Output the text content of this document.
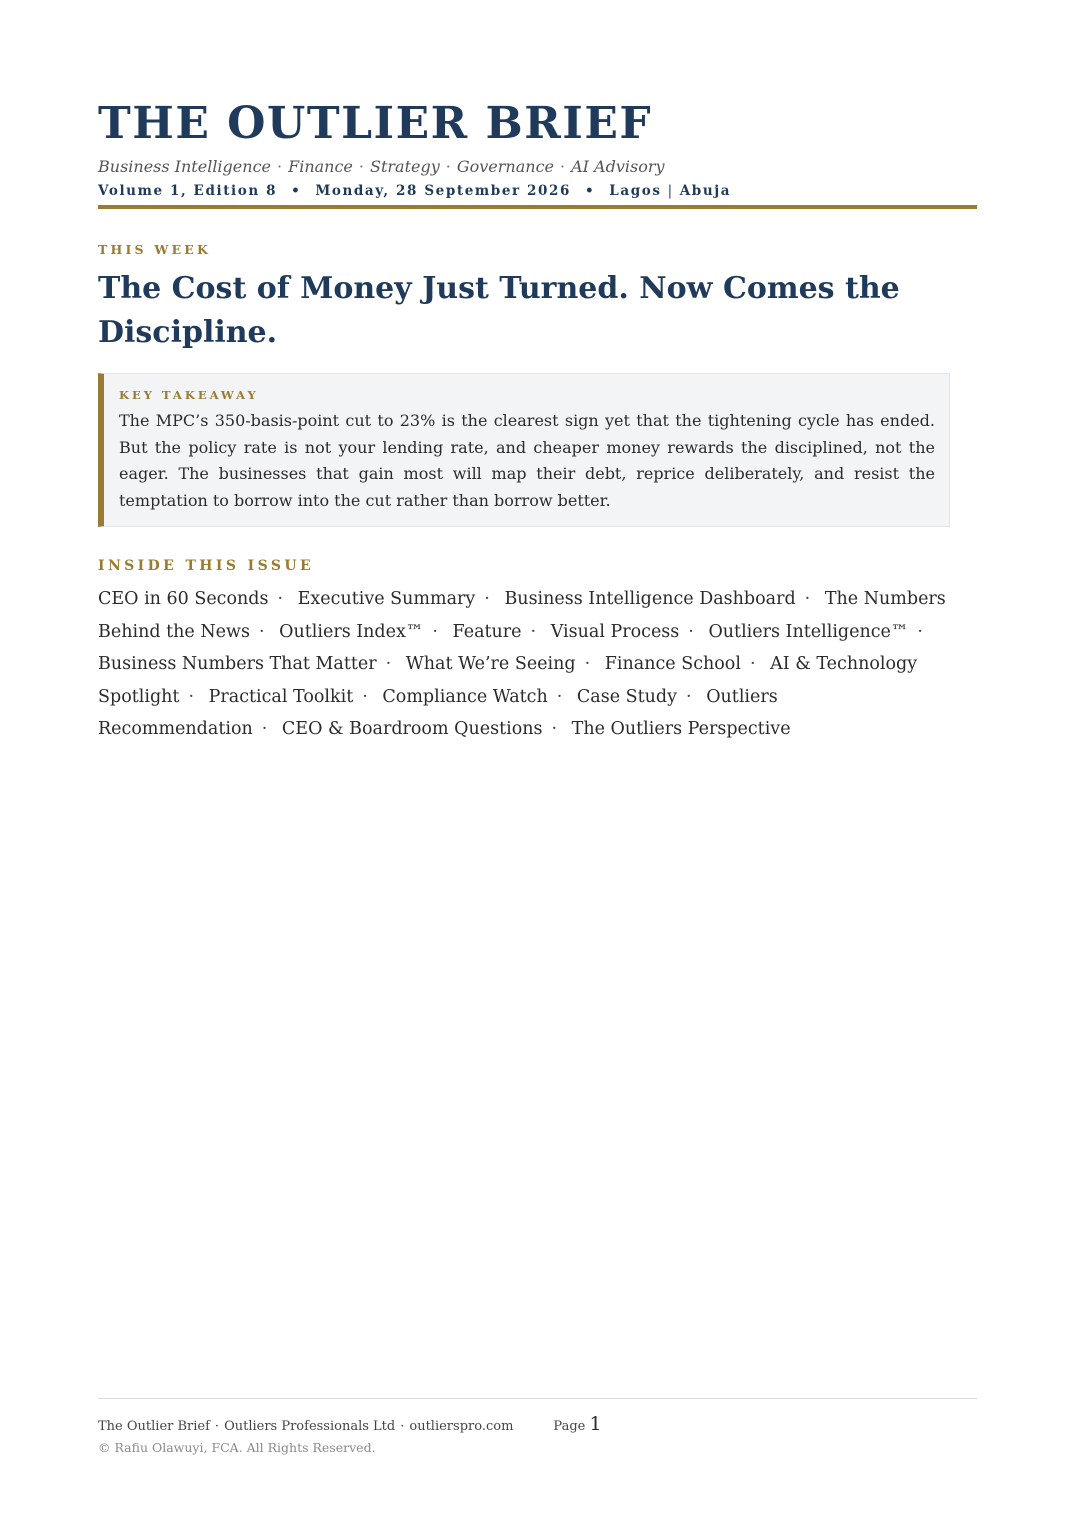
THE OUTLIER BRIEF
Business Intelligence · Finance · Strategy · Governance · AI Advisory
Volume 1, Edition 8 • Monday, 28 September 2026 • Lagos | Abuja
THIS WEEK
The Cost of Money Just Turned. Now Comes the Discipline.
KEY TAKEAWAY
The MPC’s 350-basis-point cut to 23% is the clearest sign yet that the tightening cycle has ended. But the policy rate is not your lending rate, and cheaper money rewards the disciplined, not the eager. The businesses that gain most will map their debt, reprice deliberately, and resist the temptation to borrow into the cut rather than borrow better.
INSIDE THIS ISSUE
CEO in 60 Seconds · Executive Summary · Business Intelligence Dashboard · The Numbers Behind the News · Outliers Index™ · Feature · Visual Process · Outliers Intelligence™ · Business Numbers That Matter · What We’re Seeing · Finance School · AI & Technology Spotlight · Practical Toolkit · Compliance Watch · Case Study · Outliers Recommendation · CEO & Boardroom Questions · The Outliers Perspective
The Outlier Brief · Outliers Professionals Ltd · outlierspro.com	Page 1
© Rafiu Olawuyi, FCA. All Rights Reserved.
